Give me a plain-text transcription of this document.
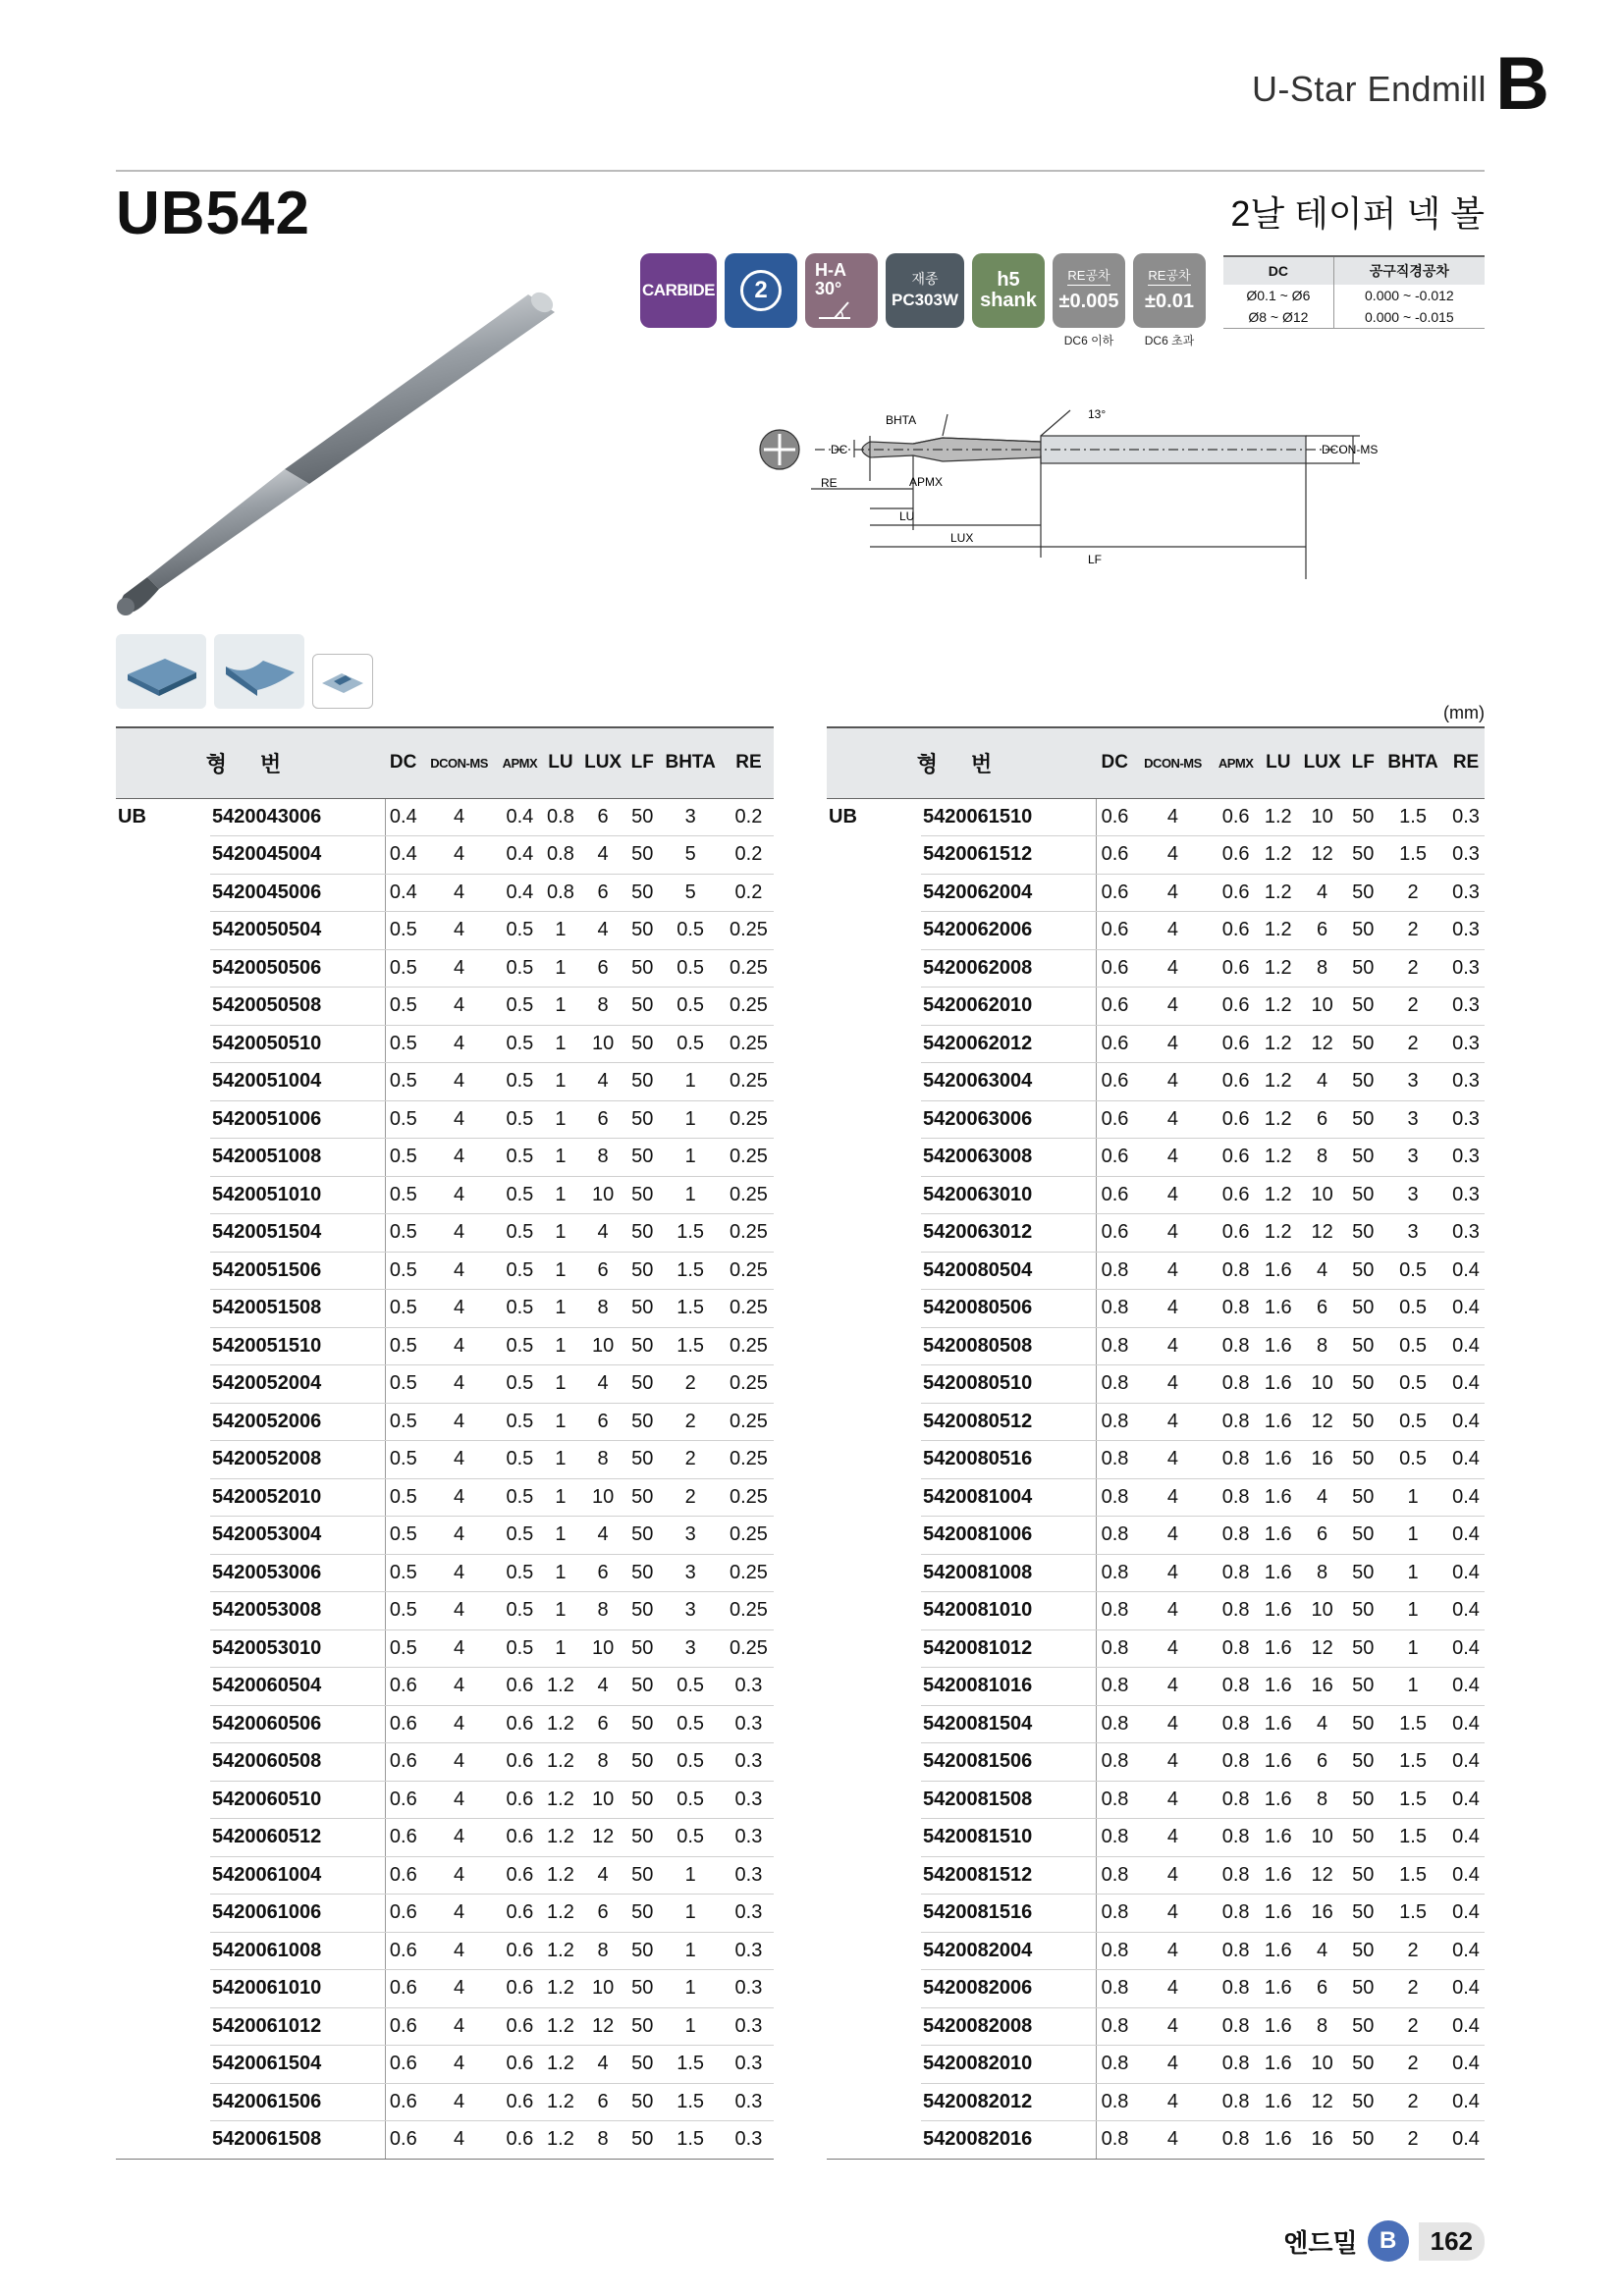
U-Star Endmill B
UB542	2날 테이퍼 넥 볼
CARBIDE	2
H-A
30°
재종
PC303W
h5
shank
RE공차
±0.005
DC6 이하
RE공차
±0.01
DC6 초과
DC	공구직경공차
Ø0.1 ~ Ø6	0.000 ~ -0.012
Ø8 ~ Ø12	0.000 ~ -0.015
BHTA	13°
DC
RE	APMX
LU
LUX
LF
DCON-MS
(mm)
형 번		DC	DCON-MS	APMX	LU	LUX	LF	BHTA	RE
UB	5420043006	0.4	4	0.4	0.8	6	50	3	0.2
	5420045004	0.4	4	0.4	0.8	4	50	5	0.2
	5420045006	0.4	4	0.4	0.8	6	50	5	0.2
	5420050504	0.5	4	0.5	1	4	50	0.5	0.25
	5420050506	0.5	4	0.5	1	6	50	0.5	0.25
	5420050508	0.5	4	0.5	1	8	50	0.5	0.25
	5420050510	0.5	4	0.5	1	10	50	0.5	0.25
	5420051004	0.5	4	0.5	1	4	50	1	0.25
	5420051006	0.5	4	0.5	1	6	50	1	0.25
	5420051008	0.5	4	0.5	1	8	50	1	0.25
	5420051010	0.5	4	0.5	1	10	50	1	0.25
	5420051504	0.5	4	0.5	1	4	50	1.5	0.25
	5420051506	0.5	4	0.5	1	6	50	1.5	0.25
	5420051508	0.5	4	0.5	1	8	50	1.5	0.25
	5420051510	0.5	4	0.5	1	10	50	1.5	0.25
	5420052004	0.5	4	0.5	1	4	50	2	0.25
	5420052006	0.5	4	0.5	1	6	50	2	0.25
	5420052008	0.5	4	0.5	1	8	50	2	0.25
	5420052010	0.5	4	0.5	1	10	50	2	0.25
	5420053004	0.5	4	0.5	1	4	50	3	0.25
	5420053006	0.5	4	0.5	1	6	50	3	0.25
	5420053008	0.5	4	0.5	1	8	50	3	0.25
	5420053010	0.5	4	0.5	1	10	50	3	0.25
	5420060504	0.6	4	0.6	1.2	4	50	0.5	0.3
	5420060506	0.6	4	0.6	1.2	6	50	0.5	0.3
	5420060508	0.6	4	0.6	1.2	8	50	0.5	0.3
	5420060510	0.6	4	0.6	1.2	10	50	0.5	0.3
	5420060512	0.6	4	0.6	1.2	12	50	0.5	0.3
	5420061004	0.6	4	0.6	1.2	4	50	1	0.3
	5420061006	0.6	4	0.6	1.2	6	50	1	0.3
	5420061008	0.6	4	0.6	1.2	8	50	1	0.3
	5420061010	0.6	4	0.6	1.2	10	50	1	0.3
	5420061012	0.6	4	0.6	1.2	12	50	1	0.3
	5420061504	0.6	4	0.6	1.2	4	50	1.5	0.3
	5420061506	0.6	4	0.6	1.2	6	50	1.5	0.3
	5420061508	0.6	4	0.6	1.2	8	50	1.5	0.3
형 번		DC	DCON-MS	APMX	LU	LUX	LF	BHTA	RE
UB	5420061510	0.6	4	0.6	1.2	10	50	1.5	0.3
	5420061512	0.6	4	0.6	1.2	12	50	1.5	0.3
	5420062004	0.6	4	0.6	1.2	4	50	2	0.3
	5420062006	0.6	4	0.6	1.2	6	50	2	0.3
	5420062008	0.6	4	0.6	1.2	8	50	2	0.3
	5420062010	0.6	4	0.6	1.2	10	50	2	0.3
	5420062012	0.6	4	0.6	1.2	12	50	2	0.3
	5420063004	0.6	4	0.6	1.2	4	50	3	0.3
	5420063006	0.6	4	0.6	1.2	6	50	3	0.3
	5420063008	0.6	4	0.6	1.2	8	50	3	0.3
	5420063010	0.6	4	0.6	1.2	10	50	3	0.3
	5420063012	0.6	4	0.6	1.2	12	50	3	0.3
	5420080504	0.8	4	0.8	1.6	4	50	0.5	0.4
	5420080506	0.8	4	0.8	1.6	6	50	0.5	0.4
	5420080508	0.8	4	0.8	1.6	8	50	0.5	0.4
	5420080510	0.8	4	0.8	1.6	10	50	0.5	0.4
	5420080512	0.8	4	0.8	1.6	12	50	0.5	0.4
	5420080516	0.8	4	0.8	1.6	16	50	0.5	0.4
	5420081004	0.8	4	0.8	1.6	4	50	1	0.4
	5420081006	0.8	4	0.8	1.6	6	50	1	0.4
	5420081008	0.8	4	0.8	1.6	8	50	1	0.4
	5420081010	0.8	4	0.8	1.6	10	50	1	0.4
	5420081012	0.8	4	0.8	1.6	12	50	1	0.4
	5420081016	0.8	4	0.8	1.6	16	50	1	0.4
	5420081504	0.8	4	0.8	1.6	4	50	1.5	0.4
	5420081506	0.8	4	0.8	1.6	6	50	1.5	0.4
	5420081508	0.8	4	0.8	1.6	8	50	1.5	0.4
	5420081510	0.8	4	0.8	1.6	10	50	1.5	0.4
	5420081512	0.8	4	0.8	1.6	12	50	1.5	0.4
	5420081516	0.8	4	0.8	1.6	16	50	1.5	0.4
	5420082004	0.8	4	0.8	1.6	4	50	2	0.4
	5420082006	0.8	4	0.8	1.6	6	50	2	0.4
	5420082008	0.8	4	0.8	1.6	8	50	2	0.4
	5420082010	0.8	4	0.8	1.6	10	50	2	0.4
	5420082012	0.8	4	0.8	1.6	12	50	2	0.4
	5420082016	0.8	4	0.8	1.6	16	50	2	0.4
엔드밀 B	162
